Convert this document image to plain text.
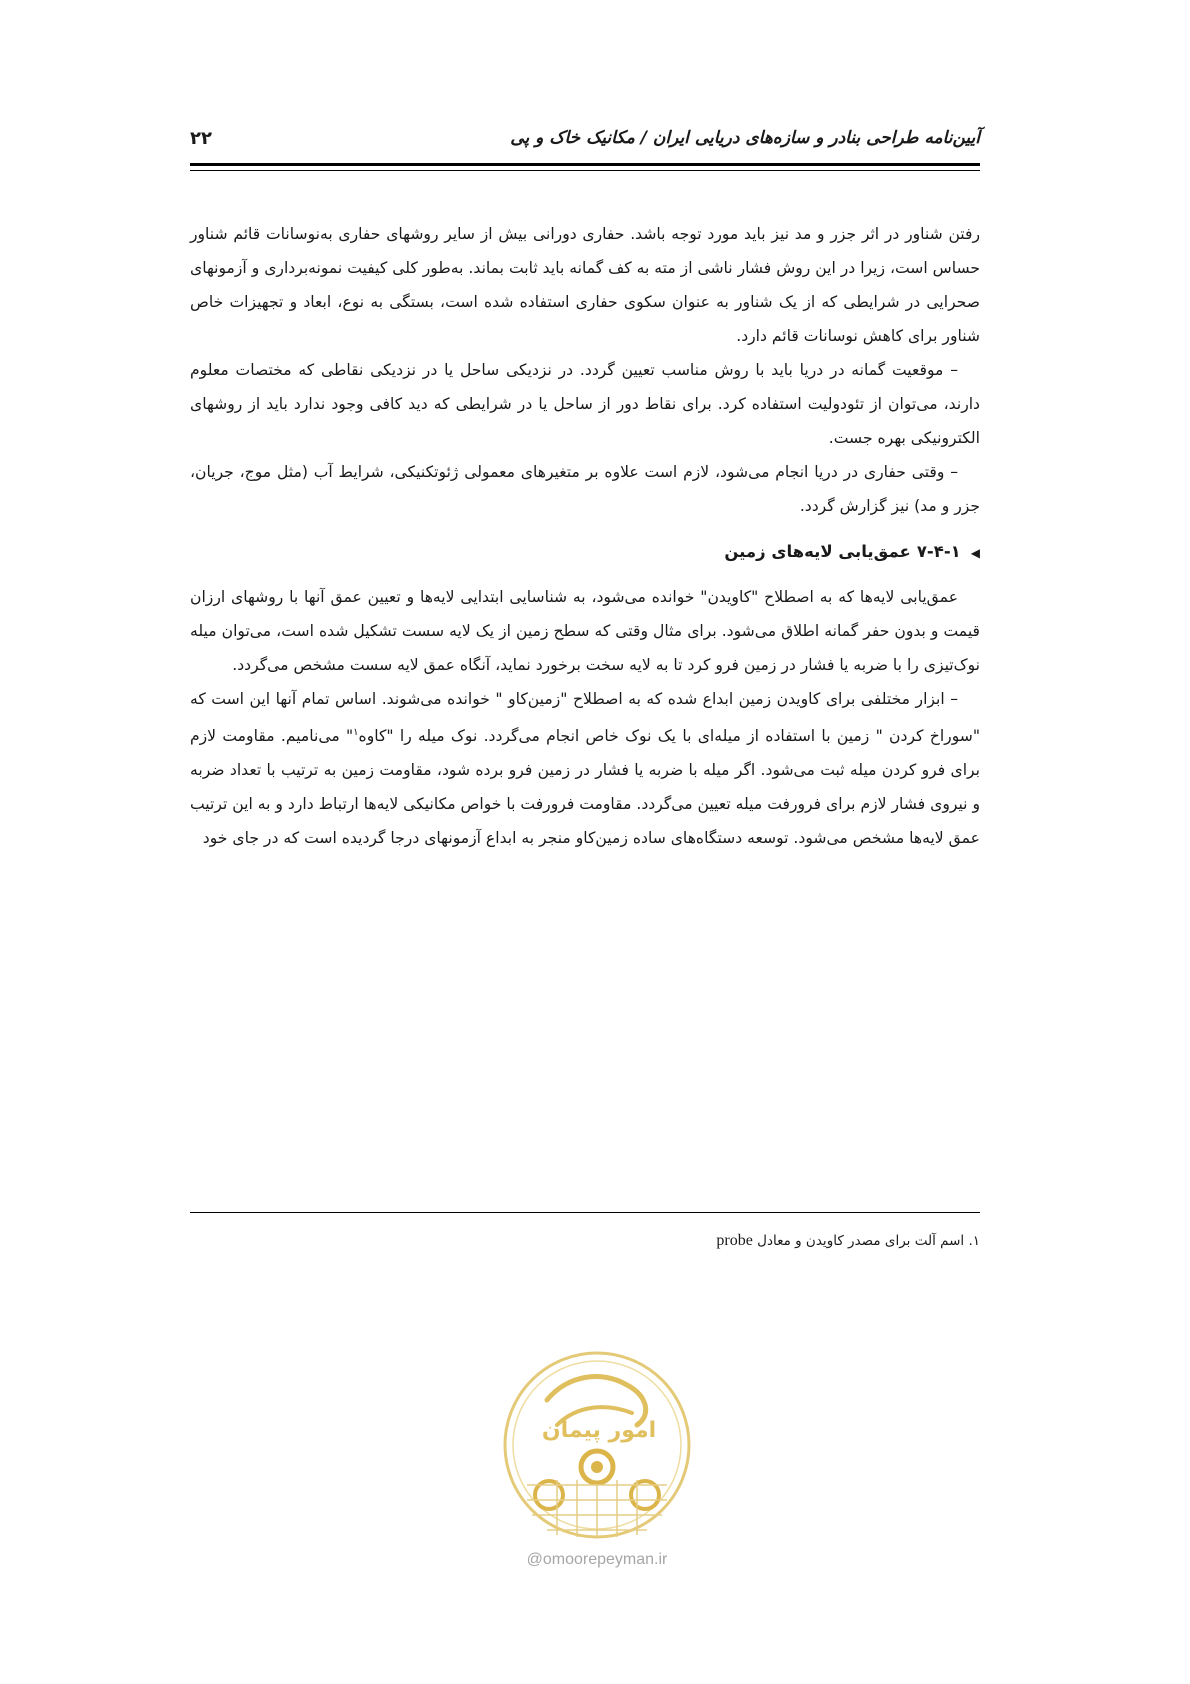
آیین‌نامه طراحی بنادر و سازه‌های دریایی ایران / مکانیک خاک و پی
۲۲

رفتن شناور در اثر جزر و مد نیز باید مورد توجه باشد. حفاری دورانی بیش از سایر روشهای حفاری به‌نوسانات قائم شناور حساس است، زیرا در این روش فشار ناشی از مته به کف گمانه باید ثابت بماند. به‌طور کلی کیفیت نمونه‌برداری و آزمونهای صحرایی در شرایطی که از یک شناور به عنوان سکوی حفاری استفاده شده است، بستگی به نوع، ابعاد و تجهیزات خاص شناور برای کاهش نوسانات قائم دارد.

– موقعیت گمانه در دریا باید با روش مناسب تعیین گردد. در نزدیکی ساحل یا در نزدیکی نقاطی که مختصات معلوم دارند، می‌توان از تئودولیت استفاده کرد. برای نقاط دور از ساحل یا در شرایطی که دید کافی وجود ندارد باید از روشهای الکترونیکی بهره جست.

– وقتی حفاری در دریا انجام می‌شود، لازم است علاوه بر متغیرهای معمولی ژئوتکنیکی، شرایط آب (مثل موج، جریان، جزر و مد) نیز گزارش گردد.

◀۷-۴-۱عمق‌یابی لایه‌های زمین

عمق‌یابی لایه‌ها که به اصطلاح "کاویدن" خوانده می‌شود، به شناسایی ابتدایی لایه‌ها و تعیین عمق آنها با روشهای ارزان قیمت و بدون حفر گمانه اطلاق می‌شود. برای مثال وقتی که سطح زمین از یک لایه سست تشکیل شده است، می‌توان میله نوک‌تیزی را با ضربه یا فشار در زمین فرو کرد تا به لایه سخت برخورد نماید، آنگاه عمق لایه سست مشخص می‌گردد.

– ابزار مختلفی برای کاویدن زمین ابداع شده که به اصطلاح "زمین‌کاو " خوانده می‌شوند. اساس تمام آنها این است که "سوراخ کردن " زمین با استفاده از میله‌ای با یک نوک خاص انجام می‌گردد. نوک میله را "کاوه$^۱$" می‌نامیم. مقاومت لازم برای فرو کردن میله ثبت می‌شود. اگر میله با ضربه یا فشار در زمین فرو برده شود، مقاومت زمین به ترتیب با تعداد ضربه و نیروی فشار لازم برای فرورفت میله تعیین می‌گردد. مقاومت فرورفت با خواص مکانیکی لایه‌ها ارتباط دارد و به این ترتیب عمق لایه‌ها مشخص می‌شود. توسعه دستگاه‌های ساده زمین‌کاو منجر به ابداع آزمونهای درجا گردیده است که در جای خود

۱. اسم آلت برای مصدر کاویدن و معادل probe
امور پیمان
@omoorepeyman.ir
